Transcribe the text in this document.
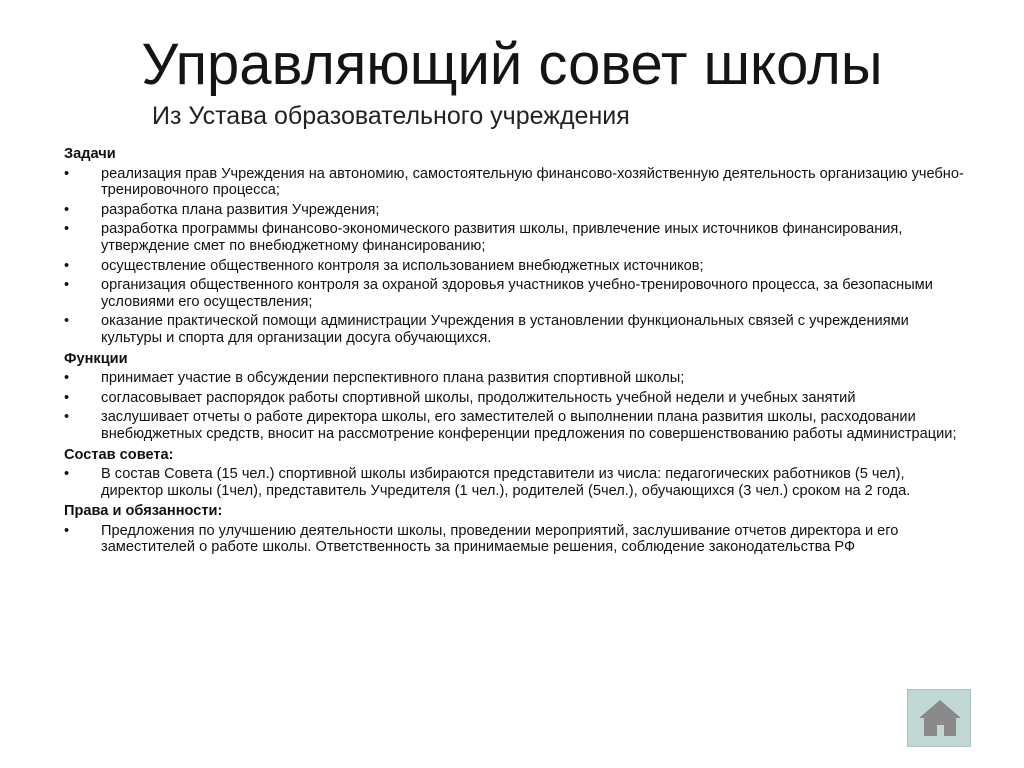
Управляющий совет школы
Из Устава образовательного учреждения
Задачи
• реализация прав Учреждения на автономию, самостоятельную финансово-хозяйственную деятельность организацию учебно-тренировочного процесса;
• разработка плана развития Учреждения;
• разработка программы финансово-экономического развития школы, привлечение иных источников финансирования, утверждение смет по внебюджетному финансированию;
• осуществление общественного контроля за использованием внебюджетных источников;
• организация общественного контроля за охраной здоровья участников учебно-тренировочного процесса, за безопасными условиями его осуществления;
• оказание практической помощи администрации Учреждения в установлении функциональных связей с учреждениями культуры и спорта для организации досуга обучающихся.
Функции
• принимает участие в обсуждении перспективного плана развития спортивной школы;
• согласовывает распорядок работы спортивной школы, продолжительность учебной недели и учебных занятий
• заслушивает отчеты о работе директора школы, его заместителей о выполнении плана развития школы, расходовании внебюджетных средств, вносит на рассмотрение конференции предложения по совершенствованию работы администрации;
Состав совета:
• В состав Совета (15 чел.) спортивной школы избираются представители из числа: педагогических работников (5 чел), директор школы (1чел), представитель Учредителя (1 чел.), родителей (5чел.), обучающихся (3 чел.) сроком на 2 года.
Права и обязанности:
• Предложения по улучшению деятельности школы, проведении мероприятий, заслушивание отчетов директора и его заместителей о работе школы. Ответственность за принимаемые решения, соблюдение законодательства РФ
